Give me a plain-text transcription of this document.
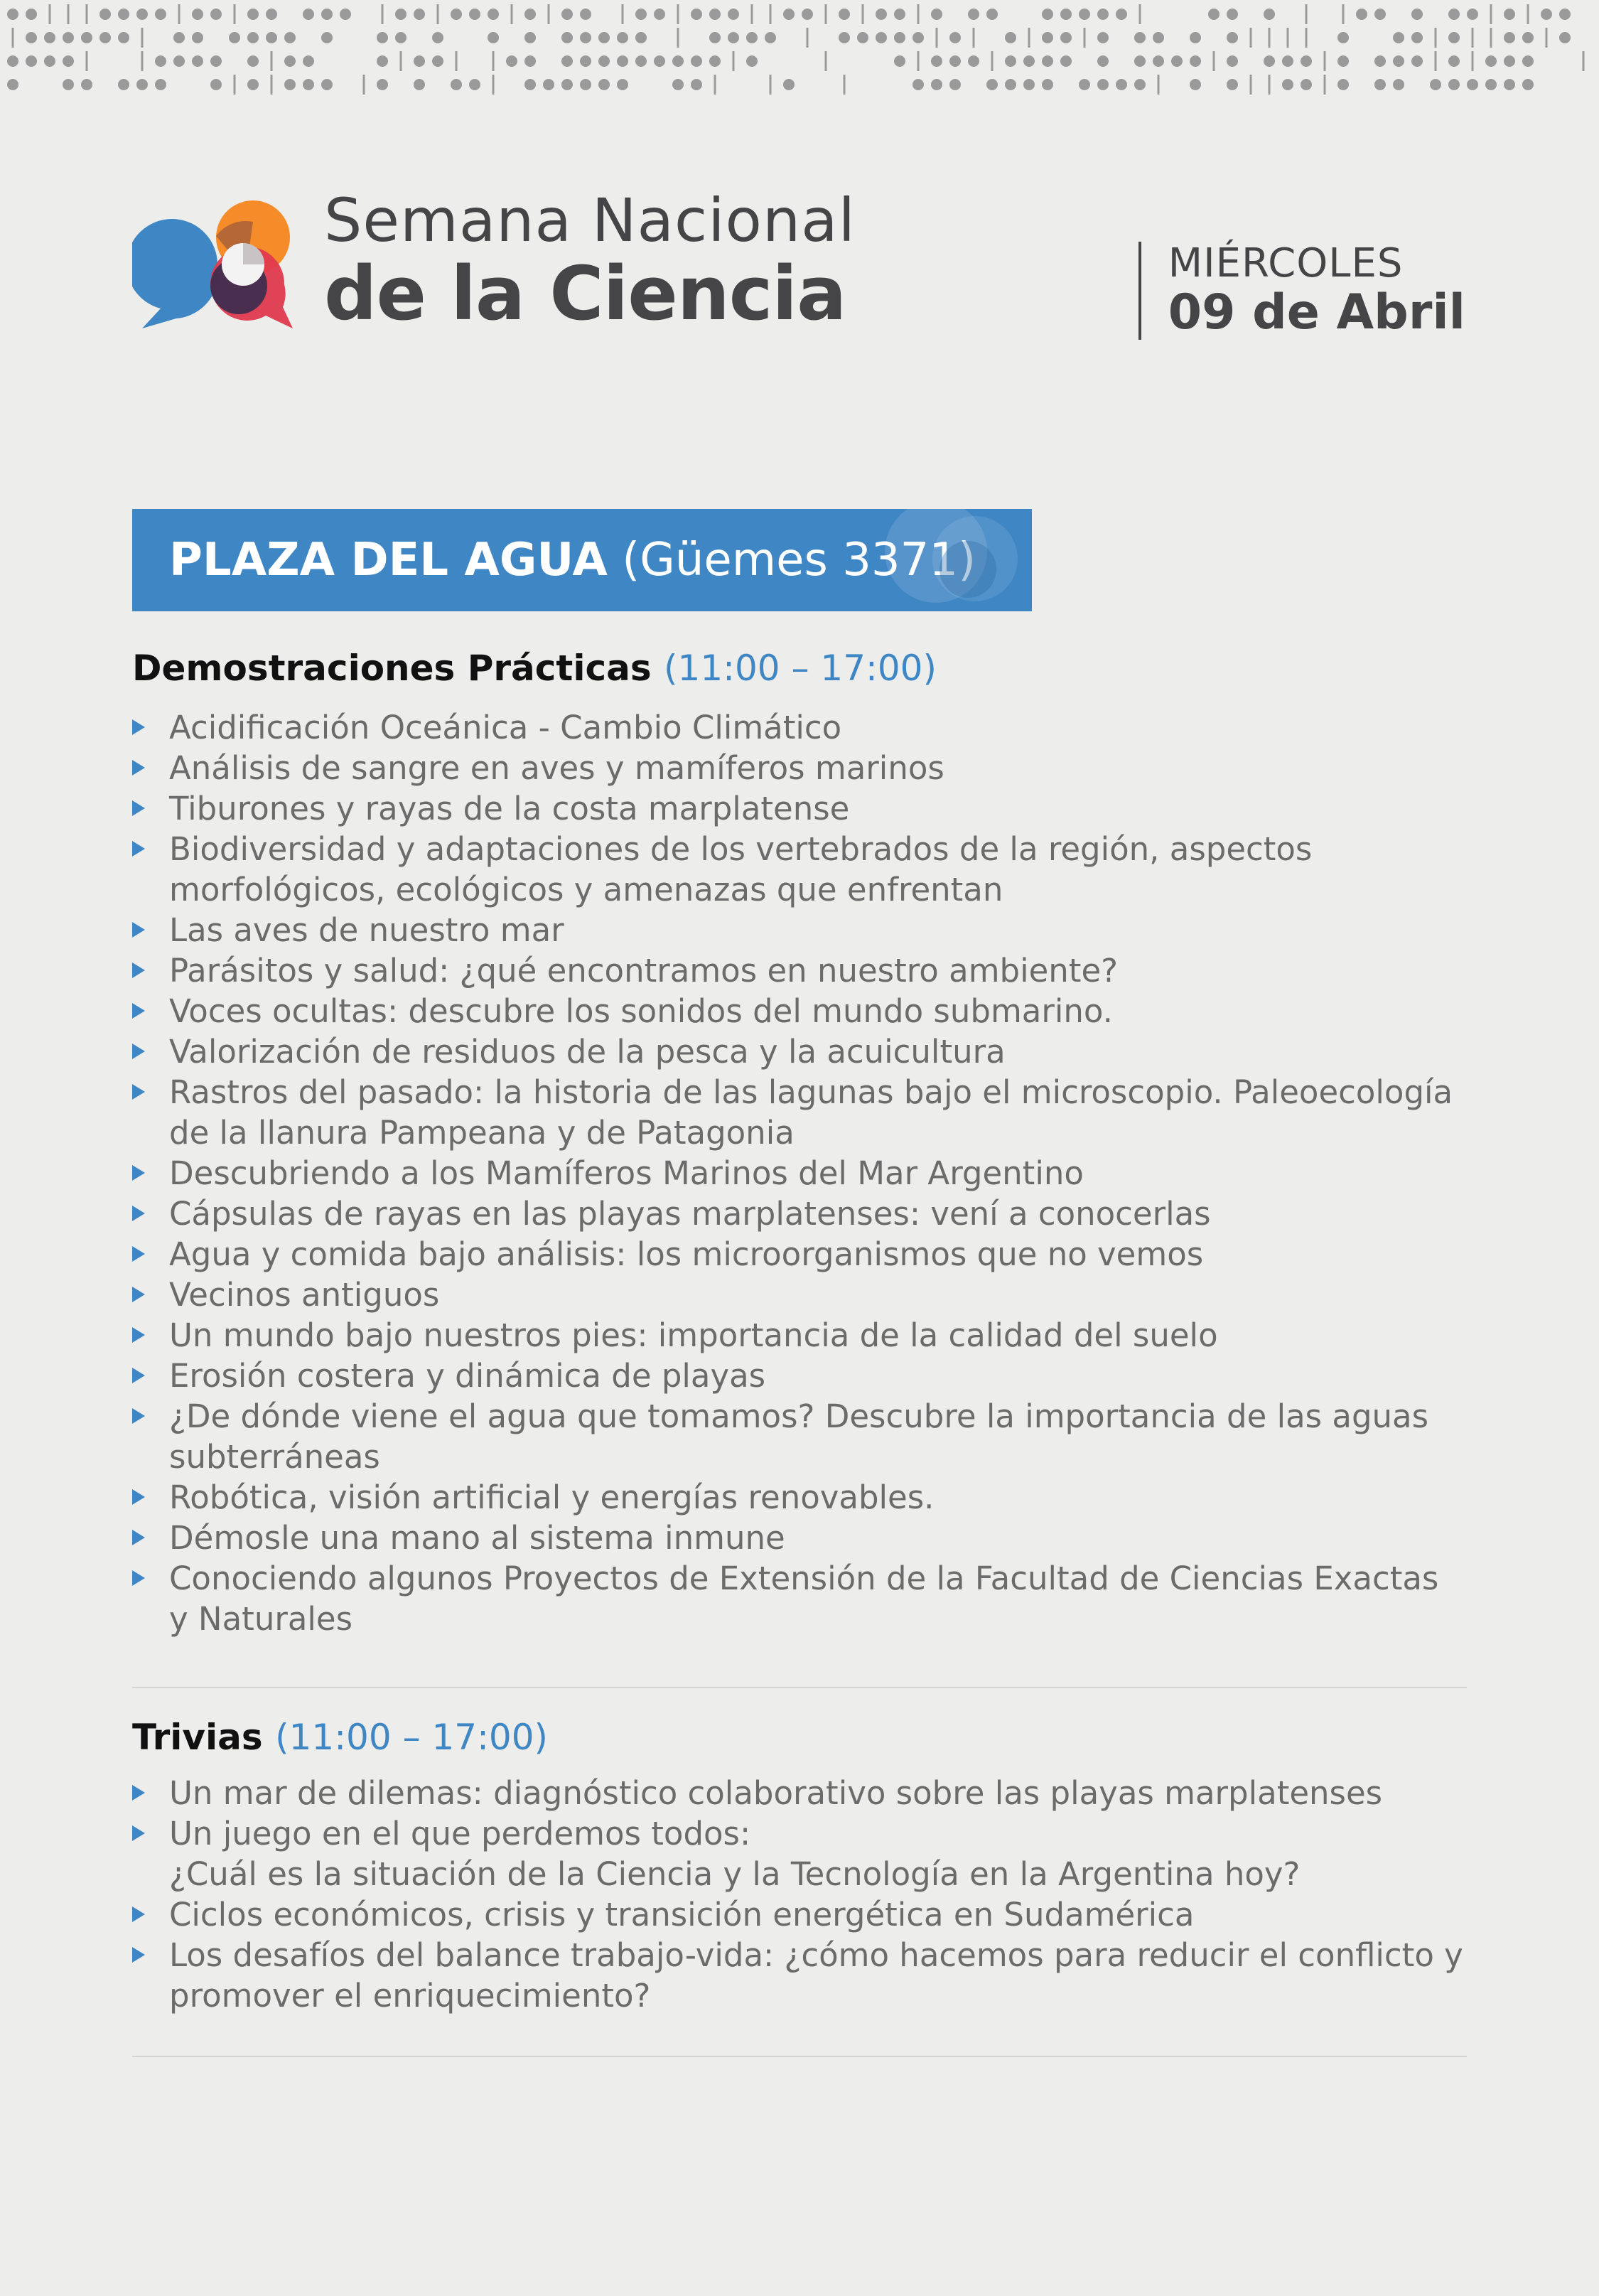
Semana Nacional
de la Ciencia	MIÉRCOLES
09 de Abril
PLAZA DEL AGUA (Güemes 3371)
Demostraciones Prácticas (11:00 – 17:00)
Acidificación Oceánica - Cambio Climático
Análisis de sangre en aves y mamíferos marinos
Tiburones y rayas de la costa marplatense
Biodiversidad y adaptaciones de los vertebrados de la región, aspectos morfológicos, ecológicos y amenazas que enfrentan
Las aves de nuestro mar
Parásitos y salud: ¿qué encontramos en nuestro ambiente?
Voces ocultas: descubre los sonidos del mundo submarino.
Valorización de residuos de la pesca y la acuicultura
Rastros del pasado: la historia de las lagunas bajo el microscopio. Paleoecología de la llanura Pampeana y de Patagonia
Descubriendo a los Mamíferos Marinos del Mar Argentino
Cápsulas de rayas en las playas marplatenses: vení a conocerlas
Agua y comida bajo análisis: los microorganismos que no vemos
Vecinos antiguos
Un mundo bajo nuestros pies: importancia de la calidad del suelo
Erosión costera y dinámica de playas
¿De dónde viene el agua que tomamos? Descubre la importancia de las aguas subterráneas
Robótica, visión artificial y energías renovables.
Démosle una mano al sistema inmune
Conociendo algunos Proyectos de Extensión de la Facultad de Ciencias Exactas y Naturales
Trivias (11:00 – 17:00)
Un mar de dilemas: diagnóstico colaborativo sobre las playas marplatenses
Un juego en el que perdemos todos:
¿Cuál es la situación de la Ciencia y la Tecnología en la Argentina hoy?
Ciclos económicos, crisis y transición energética en Sudamérica
Los desafíos del balance trabajo-vida: ¿cómo hacemos para reducir el conflicto y promover el enriquecimiento?
